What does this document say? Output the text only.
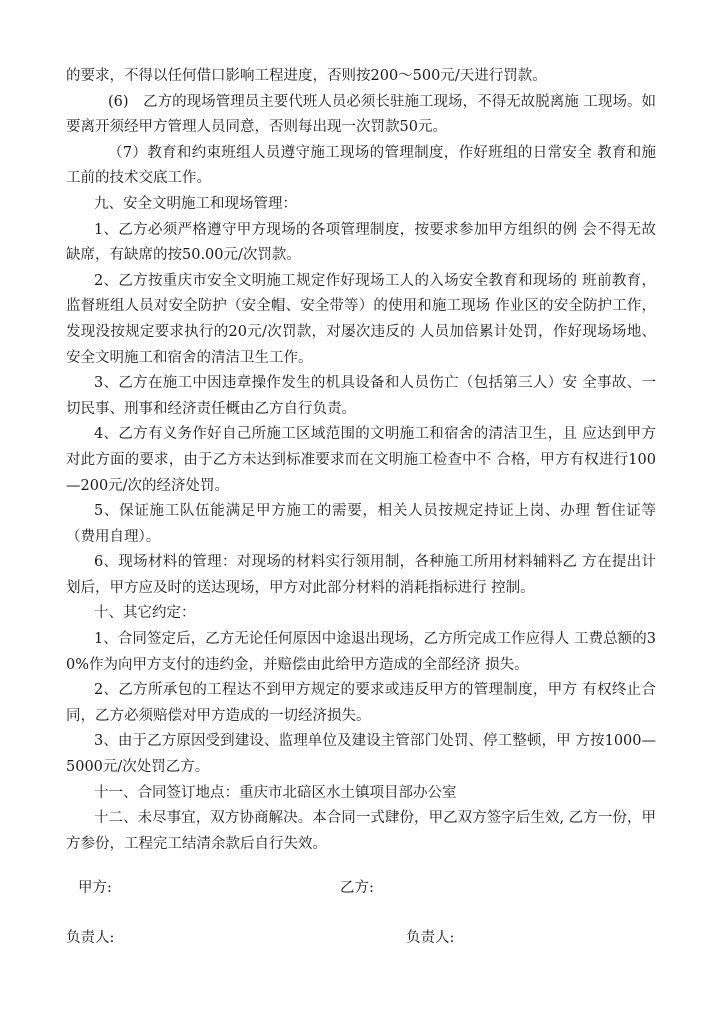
的要求，不得以任何借口影响工程进度，否则按200～500元/天进行罚款。

(6)　乙方的现场管理员主要代班人员必须长驻施工现场，不得无故脱离施 工现场。如要离开须经甲方管理人员同意，否则每出现一次罚款50元。

（7）教育和约束班组人员遵守施工现场的管理制度，作好班组的日常安全 教育和施工前的技术交底工作。

九、安全文明施工和现场管理：

1、乙方必须严格遵守甲方现场的各项管理制度，按要求参加甲方组织的例 会不得无故缺席，有缺席的按50.00元/次罚款。

2、乙方按重庆市安全文明施工规定作好现场工人的入场安全教育和现场的 班前教育，监督班组人员对安全防护（安全帽、安全带等）的使用和施工现场 作业区的安全防护工作，发现没按规定要求执行的20元/次罚款，对屡次违反的 人员加倍累计处罚，作好现场场地、安全文明施工和宿舍的清洁卫生工作。

3、乙方在施工中因违章操作发生的机具设备和人员伤亡（包括第三人）安 全事故、一切民事、刑事和经济责任概由乙方自行负责。

4、乙方有义务作好自己所施工区域范围的文明施工和宿舍的清洁卫生，且 应达到甲方对此方面的要求，由于乙方未达到标准要求而在文明施工检查中不 合格，甲方有权进行100—200元/次的经济处罚。

5、保证施工队伍能满足甲方施工的需要，相关人员按规定持证上岗、办理 暂住证等（费用自理）。

6、现场材料的管理：对现场的材料实行领用制，各种施工所用材料辅料乙 方在提出计划后，甲方应及时的送达现场，甲方对此部分材料的消耗指标进行 控制。

十、其它约定：

1、合同签定后，乙方无论任何原因中途退出现场，乙方所完成工作应得人 工费总额的30%作为向甲方支付的违约金，并赔偿由此给甲方造成的全部经济 损失。

2、乙方所承包的工程达不到甲方规定的要求或违反甲方的管理制度，甲方 有权终止合同，乙方必须赔偿对甲方造成的一切经济损失。

3、由于乙方原因受到建设、监理单位及建设主管部门处罚、停工整顿，甲 方按1000—5000元/次处罚乙方。

十一、合同签订地点：重庆市北碚区水土镇项目部办公室

十二、未尽事宜，双方协商解决。本合同一式肆份，甲乙双方签字后生效, 乙方一份，甲方参份，工程完工结清余款后自行失效。

甲方:	乙方:
负责人:	负责人:
